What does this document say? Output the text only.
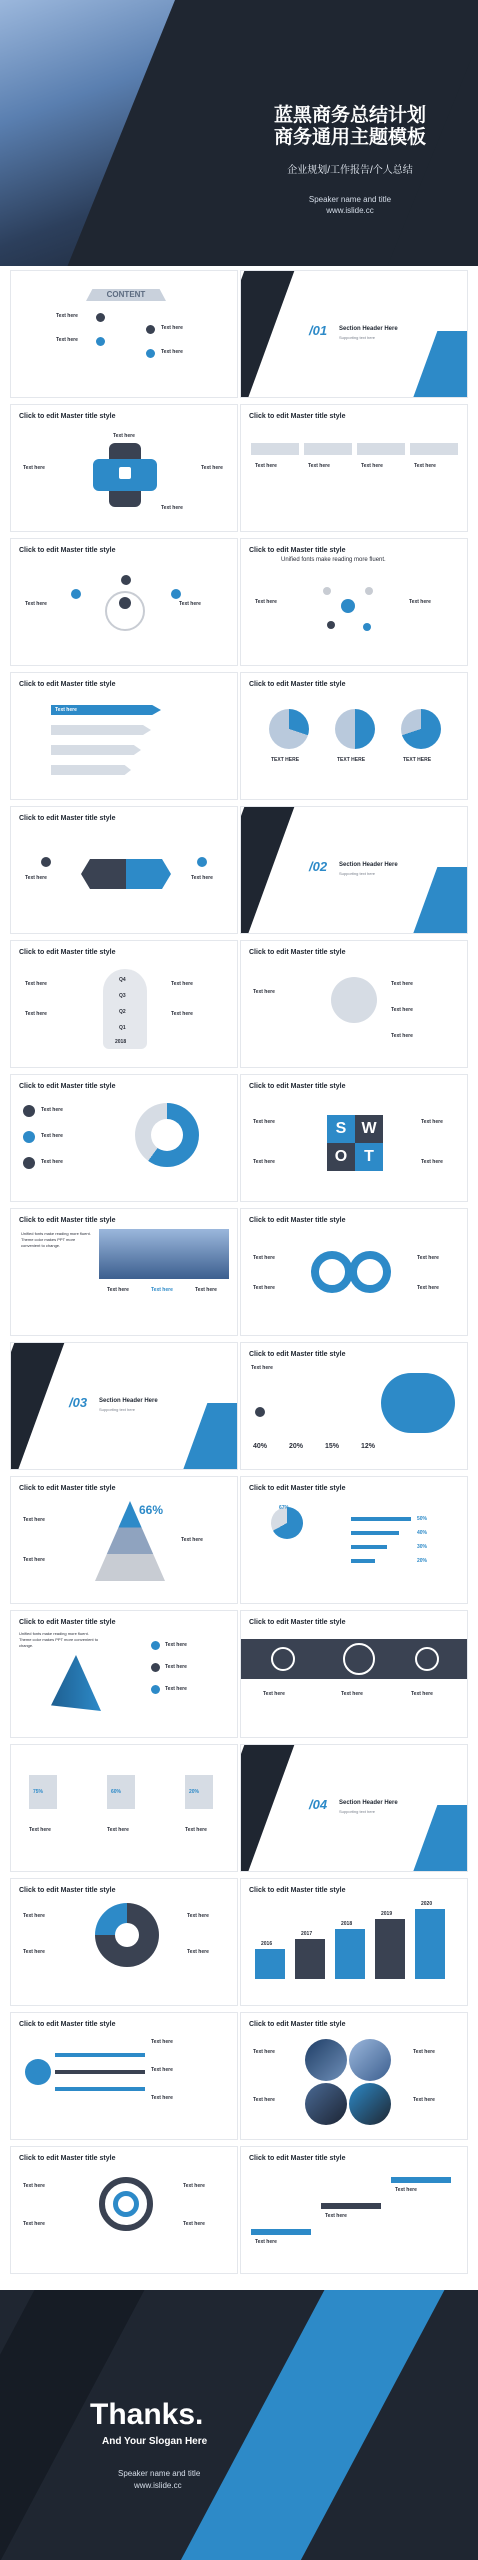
蓝黑商务总结计划
商务通用主题模板
企业规划/工作报告/个人总结
Speaker name and title
www.islide.cc
CONTENT
Text here
Text here
Text here
Text here
/01 Section Header Here
Supporting text here
Click to edit Master title style
Text here	Text here
Text here
Text here
Click to edit Master title style
Text here	Text here	Text here	Text here
Click to edit Master title style
Text here	Text here
Click to edit Master title style
Unified fonts make reading more fluent.
Text here	Text here
Click to edit Master title style
Text here
Click to edit Master title style
TEXT HERE	TEXT HERE	TEXT HERE
Click to edit Master title style
Text here	Text here
/02 Section Header Here
Supporting text here
Click to edit Master title style
Q4
Q3
Q2
Q1
2018
Text here
Text here
Text here
Text here
Click to edit Master title style
Text here
Text here
Text here
Text here
Click to edit Master title style
Text here
Text here
Text here
Click to edit Master title style
S W
O	T
Text here	Text here
Text here	Text here
Click to edit Master title style
Unified fonts make reading more fluent. Theme color makes PPT more convenient to change.
Text here	Text here	Text here
Click to edit Master title style
Text here
Text here
Text here
Text here
/03 Section Header Here
Supporting text here
Click to edit Master title style
Text here
40%	20%	15%	12%
Click to edit Master title style
66%
Text here
Text here
Text here
Click to edit Master title style
67%
50%
40%
30%
20%
Click to edit Master title style
Unified fonts make reading more fluent. Theme color makes PPT more convenient to change.	Text here
Text here
Text here
Click to edit Master title style
Text here	Text here	Text here
75%	60%	20%
Text here	Text here	Text here
/04 Section Header Here
Supporting text here
Click to edit Master title style
Text here
Text here
Text here
Text here
Click to edit Master title style
2016
2017
2018
2019
2020
Click to edit Master title style
Text here
Text here
Text here
Click to edit Master title style
Text here
Text here
Text here
Text here
Click to edit Master title style
Text here
Text here
Text here
Text here
Click to edit Master title style
Text here
Text here
Text here
Thanks.
And Your Slogan Here
Speaker name and title
www.islide.cc
